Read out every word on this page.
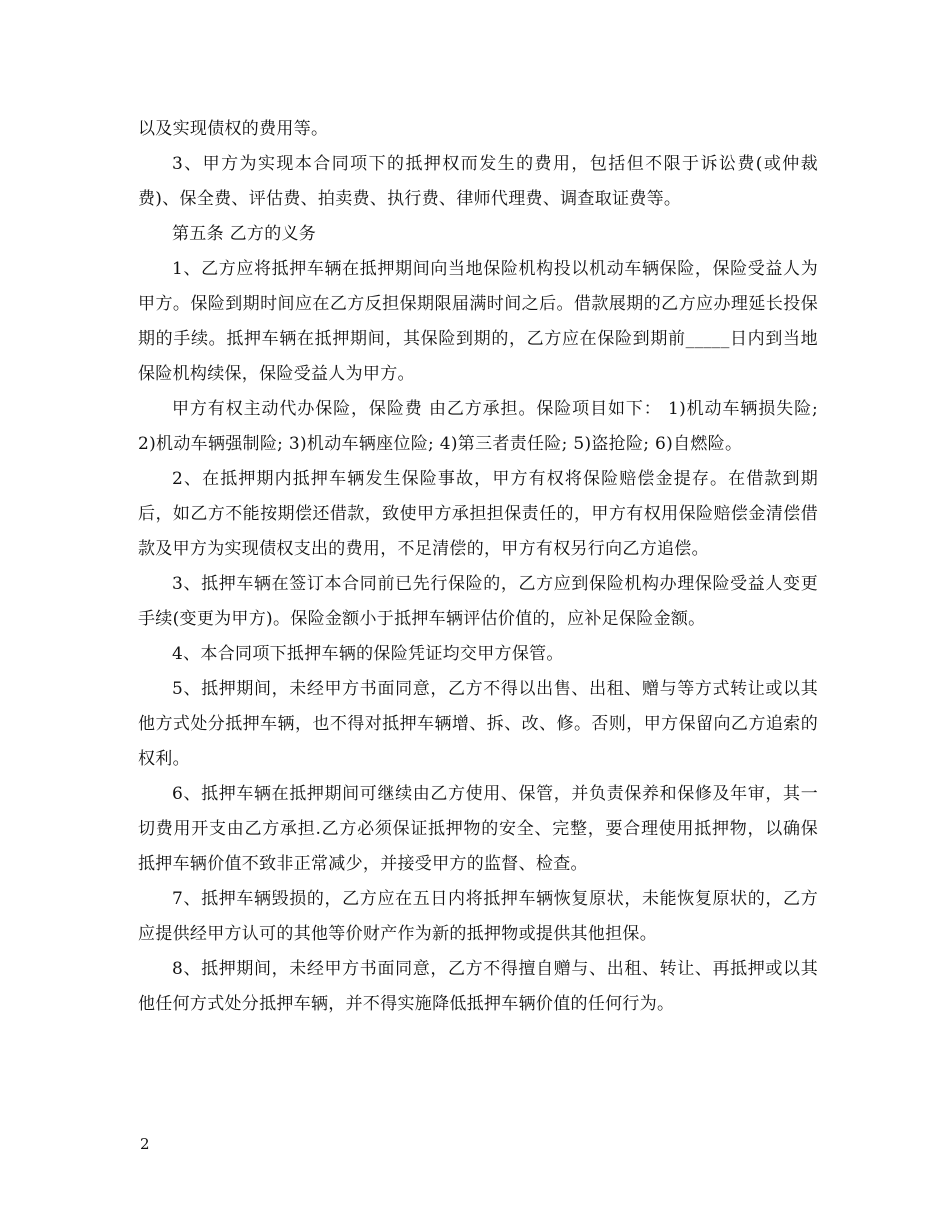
以及实现债权的费用等。

3、甲方为实现本合同项下的抵押权而发生的费用，包括但不限于诉讼费(或仲裁费)、保全费、评估费、拍卖费、执行费、律师代理费、调查取证费等。

第五条 乙方的义务

1、乙方应将抵押车辆在抵押期间向当地保险机构投以机动车辆保险，保险受益人为甲方。保险到期时间应在乙方反担保期限届满时间之后。借款展期的乙方应办理延长投保期的手续。抵押车辆在抵押期间，其保险到期的，乙方应在保险到期前_____日内到当地保险机构续保，保险受益人为甲方。

甲方有权主动代办保险，保险费 由乙方承担。保险项目如下： 1)机动车辆损失险; 2)机动车辆强制险; 3)机动车辆座位险; 4)第三者责任险; 5)盗抢险; 6)自燃险。

2、在抵押期内抵押车辆发生保险事故，甲方有权将保险赔偿金提存。在借款到期后，如乙方不能按期偿还借款，致使甲方承担担保责任的，甲方有权用保险赔偿金清偿借款及甲方为实现债权支出的费用，不足清偿的，甲方有权另行向乙方追偿。

3、抵押车辆在签订本合同前已先行保险的，乙方应到保险机构办理保险受益人变更手续(变更为甲方)。保险金额小于抵押车辆评估价值的，应补足保险金额。

4、本合同项下抵押车辆的保险凭证均交甲方保管。

5、抵押期间，未经甲方书面同意，乙方不得以出售、出租、赠与等方式转让或以其他方式处分抵押车辆，也不得对抵押车辆增、拆、改、修。否则，甲方保留向乙方追索的权利。

6、抵押车辆在抵押期间可继续由乙方使用、保管，并负责保养和保修及年审，其一切费用开支由乙方承担.乙方必须保证抵押物的安全、完整，要合理使用抵押物，以确保抵押车辆价值不致非正常减少，并接受甲方的监督、检查。

7、抵押车辆毁损的，乙方应在五日内将抵押车辆恢复原状，未能恢复原状的，乙方应提供经甲方认可的其他等价财产作为新的抵押物或提供其他担保。

8、抵押期间，未经甲方书面同意，乙方不得擅自赠与、出租、转让、再抵押或以其他任何方式处分抵押车辆，并不得实施降低抵押车辆价值的任何行为。

2
